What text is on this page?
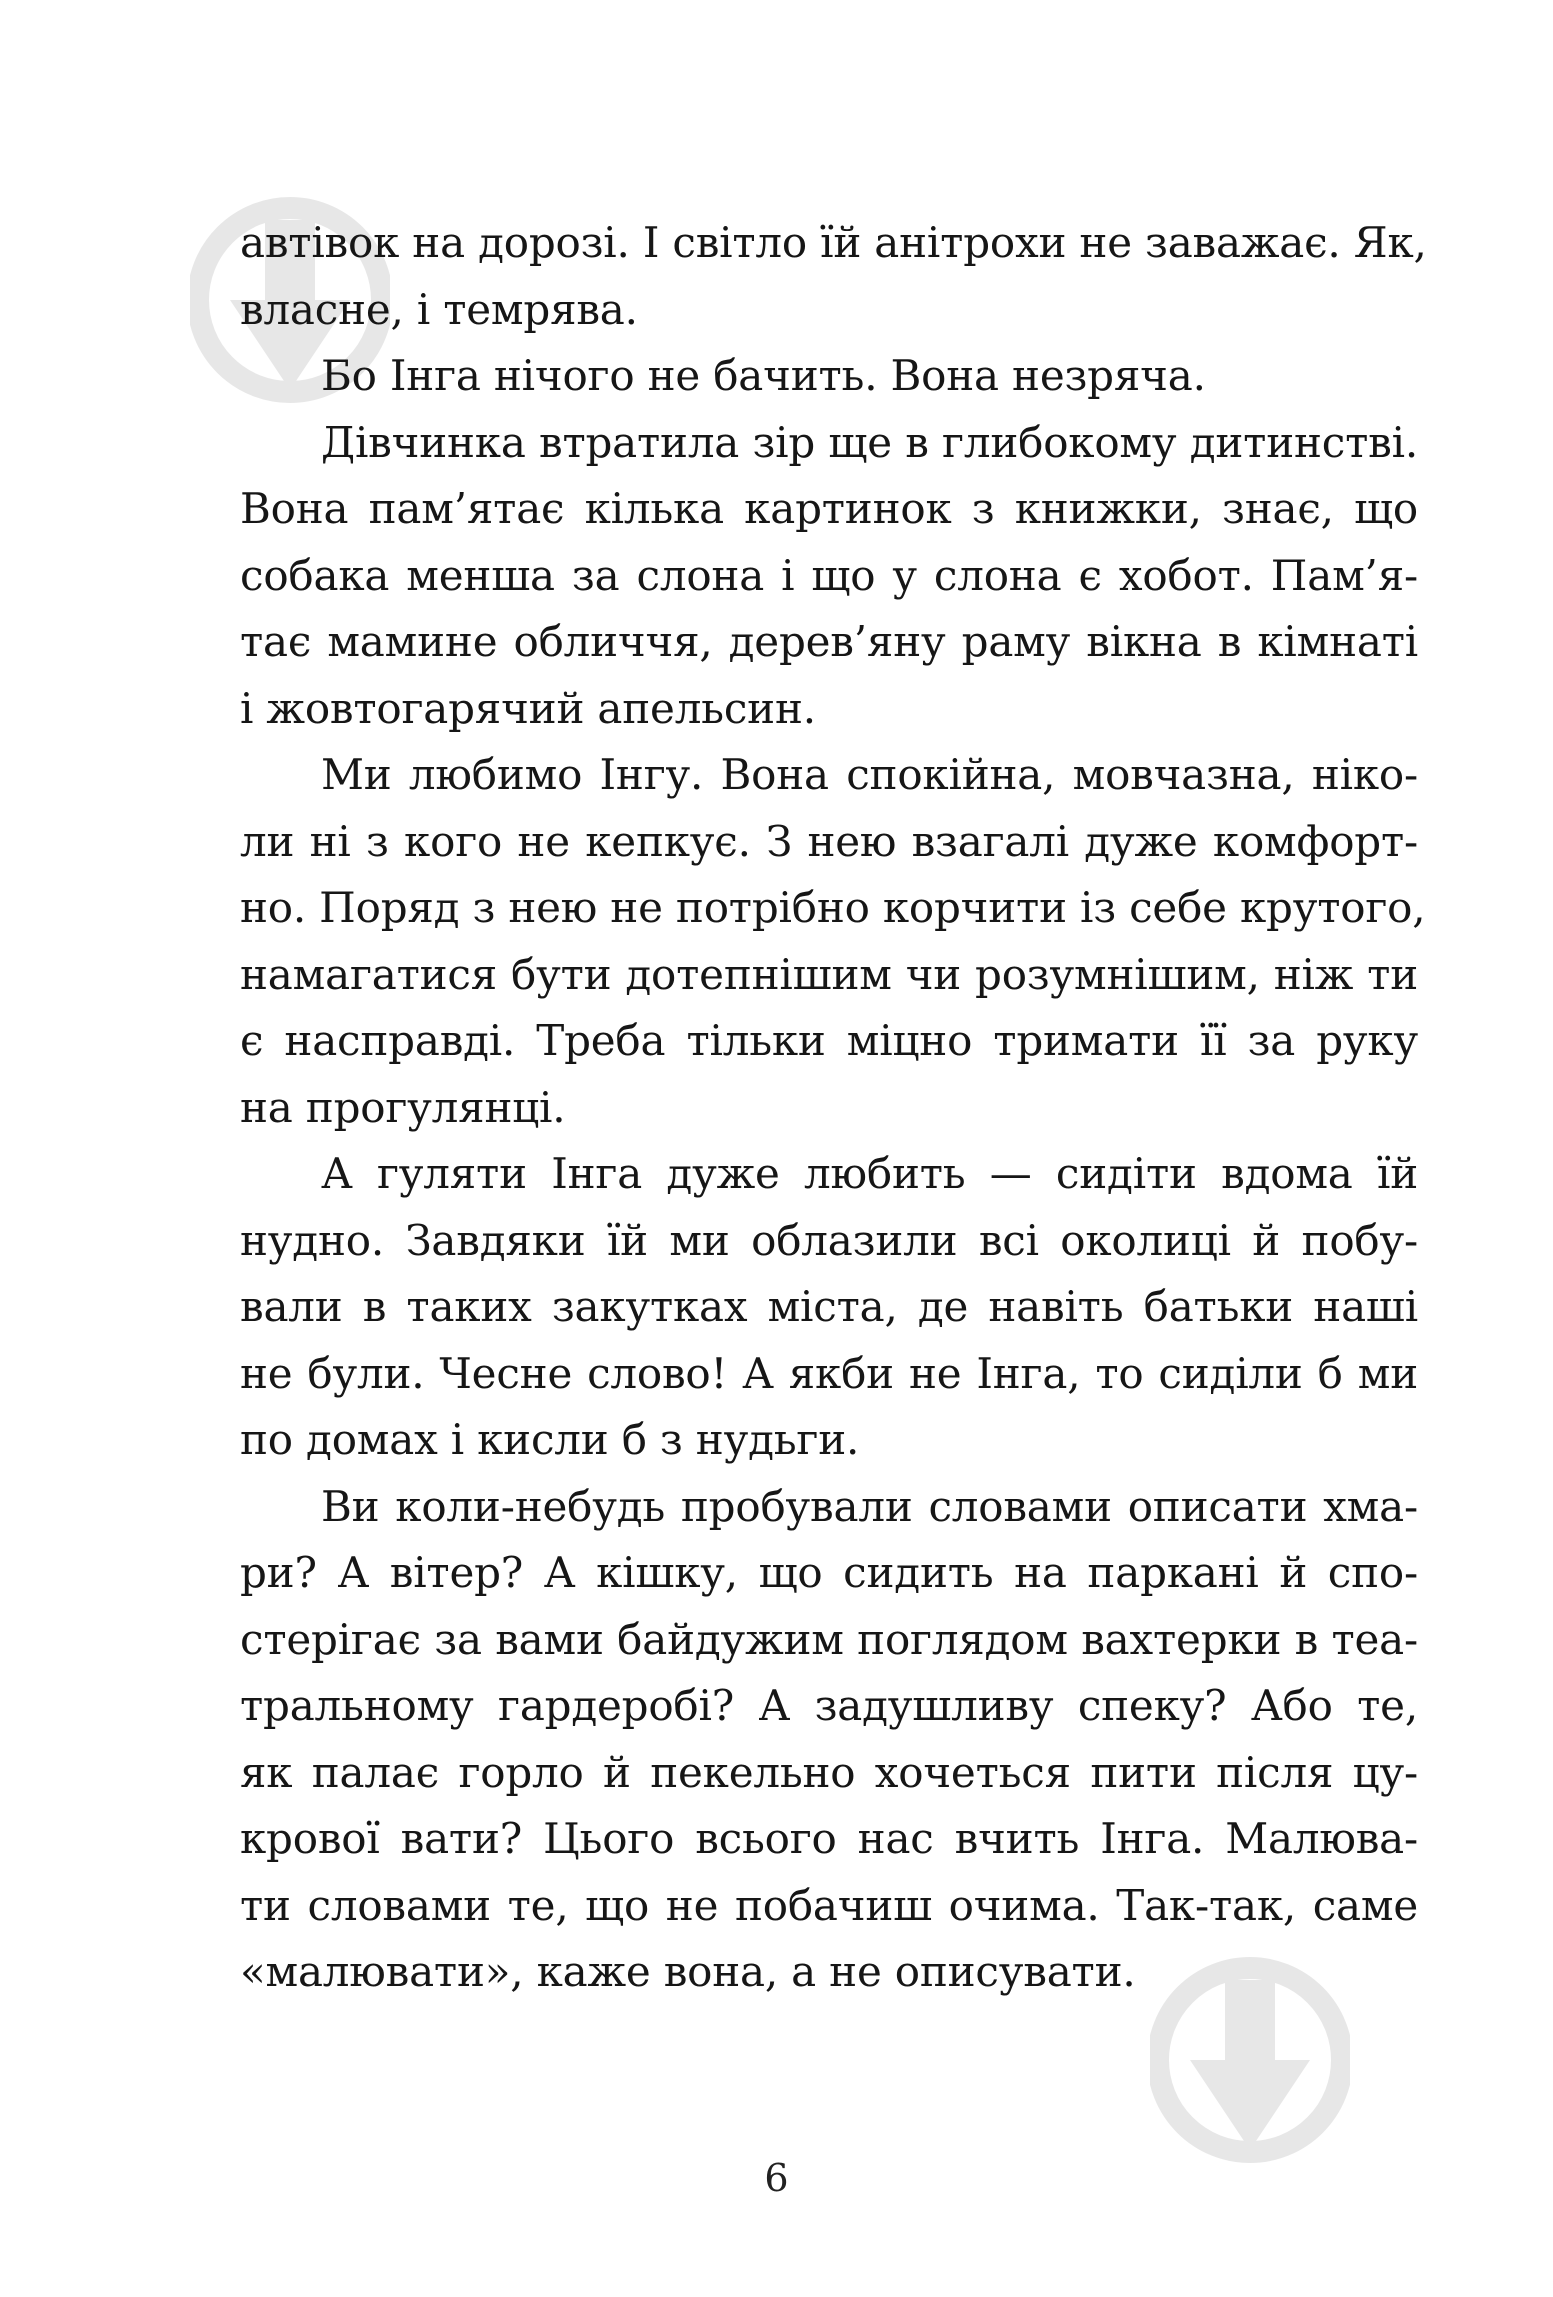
автівок на дорозі. І світло їй анітрохи не заважає. Як,
власне, і темрява.
Бо Інга нічого не бачить. Вона незряча.
Дівчинка втратила зір ще в глибокому дитинстві.
Вона пам’ятає кілька картинок з книжки, знає, що
собака менша за слона і що у слона є хобот. Пам’я-
тає мамине обличчя, дерев’яну раму вікна в кімнаті
і жовтогарячий апельсин.
Ми любимо Інгу. Вона спокійна, мовчазна, ніко-
ли ні з кого не кепкує. З нею взагалі дуже комфорт-
но. Поряд з нею не потрібно корчити із себе крутого,
намагатися бути дотепнішим чи розумнішим, ніж ти
є насправді. Треба тільки міцно тримати її за руку
на прогулянці.
А гуляти Інга дуже любить — сидіти вдома їй
нудно. Завдяки їй ми облазили всі околиці й побу-
вали в таких закутках міста, де навіть батьки наші
не були. Чесне слово! А якби не Інга, то сиділи б ми
по домах і кисли б з нудьги.
Ви коли-небудь пробували словами описати хма-
ри? А вітер? А кішку, що сидить на паркані й спо-
стерігає за вами байдужим поглядом вахтерки в теа-
тральному гардеробі? А задушливу спеку? Або те,
як палає горло й пекельно хочеться пити після цу-
крової вати? Цього всього нас вчить Інга. Малюва-
ти словами те, що не побачиш очима. Так-так, саме
«малювати», каже вона, а не описувати.
6
